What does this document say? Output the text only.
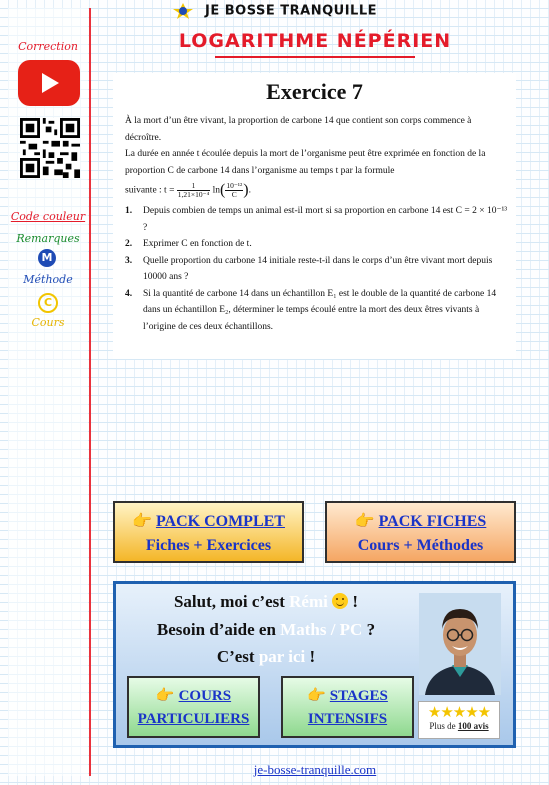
JE BOSSE TRANQUILLE
LOGARITHME NÉPÉRIEN
Correction
Code couleur
Remarques
M
Méthode
C
Cours
Exercice 7

À la mort d’un être vivant, la proportion de carbone 14 que contient son corps commence à décroître.

La durée en année t écoulée depuis la mort de l’organisme peut être exprimée en fonction de la proportion C de carbone 14 dans l’organisme au temps t par la formule

suivante : $t = \frac{1}{\text{1,21×10⁻⁴}} \ln( \frac{\text{10⁻¹²}}{C}$ ).

1. Depuis combien de temps un animal est-il mort si sa proportion en carbone 14 est C = 2 × 10⁻¹³ ?

2. Exprimer C en fonction de t.

3. Quelle proportion du carbone 14 initiale reste-t-il dans le corps d’un être vivant mort depuis 10000 ans ?

4. Si la quantité de carbone 14 dans un échantillon E₁ est le double de la quantité de carbone 14 dans un échantillon E₂, déterminer le temps écoulé entre la mort des deux êtres vivants à l’origine de ces deux échantillons.

👉 PACK COMPLET
Fiches + Exercices
👉 PACK FICHES
Cours + Méthodes
Salut, moi c’est Rémi !
Besoin d’aide en Maths / PC ?
C’est par ici !
👉 COURS
PARTICULIERS
👉 STAGES
INTENSIFS	★★★★★
Plus de 100 avis
je-bosse-tranquille.com
